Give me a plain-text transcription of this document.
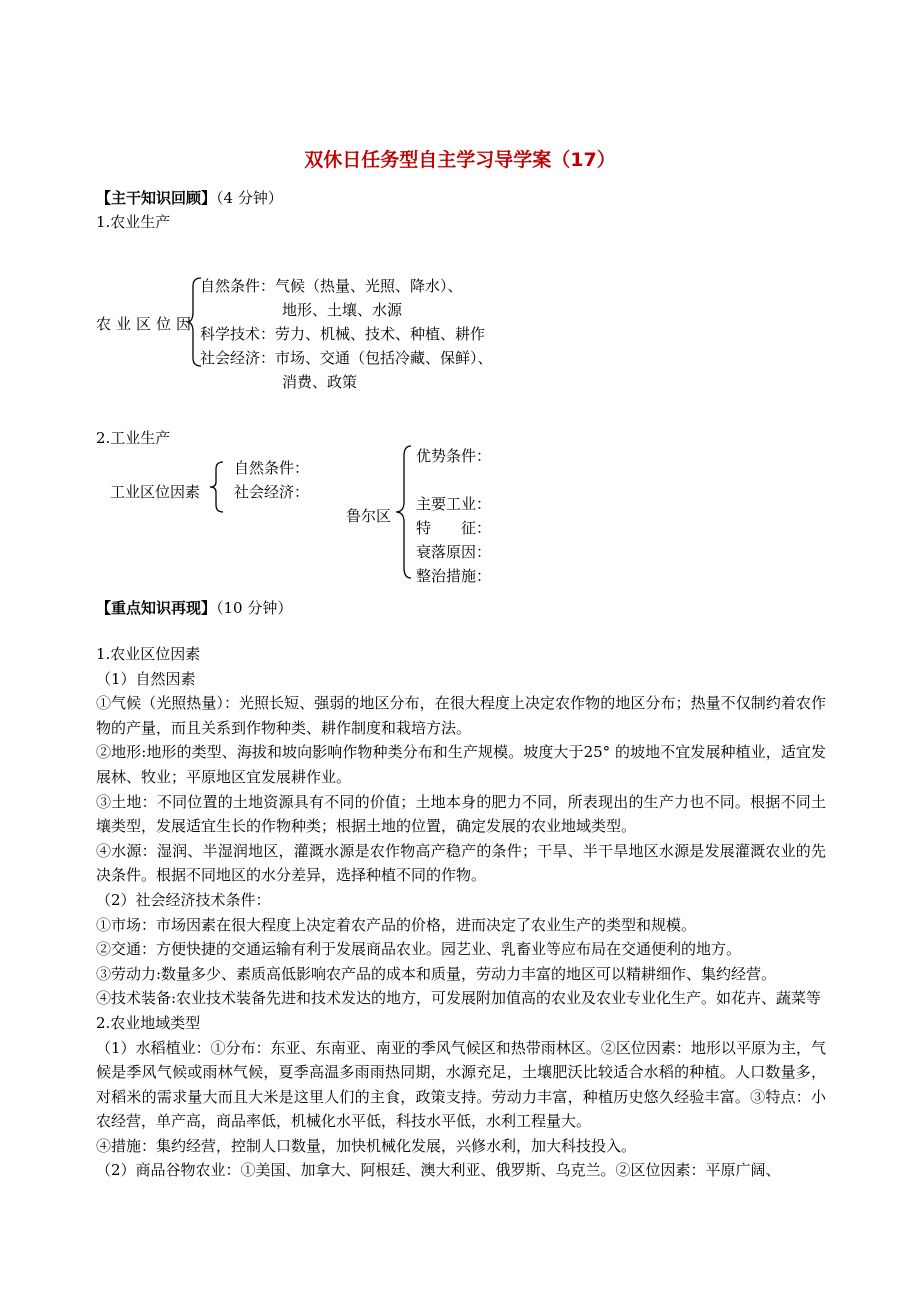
双休日任务型自主学习导学案（17）
【主干知识回顾】（4 分钟）
1.农业生产
农业区位因
自然条件：气候（热量、光照、降水）、
地形、土壤、水源
科学技术：劳力、机械、技术、种植、耕作
社会经济：市场、交通（包括冷藏、保鲜）、
消费、政策
2.工业生产
工业区位因素
自然条件：
社会经济：
鲁尔区
优势条件：
主要工业：
特　　征：
衰落原因：
整治措施：
【重点知识再现】（10 分钟）

1.农业区位因素

（1）自然因素

①气候（光照热量）：光照长短、强弱的地区分布，在很大程度上决定农作物的地区分布；热量不仅制约着农作物的产量，而且关系到作物种类、耕作制度和栽培方法。

②地形:地形的类型、海拔和坡向影响作物种类分布和生产规模。坡度大于25° 的坡地不宜发展种植业，适宜发展林、牧业；平原地区宜发展耕作业。

③土地：不同位置的土地资源具有不同的价值；土地本身的肥力不同，所表现出的生产力也不同。根据不同土壤类型，发展适宜生长的作物种类；根据土地的位置，确定发展的农业地域类型。

④水源：湿润、半湿润地区，灌溉水源是农作物高产稳产的条件；干旱、半干旱地区水源是发展灌溉农业的先决条件。根据不同地区的水分差异，选择种植不同的作物。

（2）社会经济技术条件：

①市场：市场因素在很大程度上决定着农产品的价格，进而决定了农业生产的类型和规模。

②交通：方便快捷的交通运输有利于发展商品农业。园艺业、乳畜业等应布局在交通便利的地方。

③劳动力:数量多少、素质高低影响农产品的成本和质量，劳动力丰富的地区可以精耕细作、集约经营。

④技术装备:农业技术装备先进和技术发达的地方，可发展附加值高的农业及农业专业化生产。如花卉、蔬菜等

2.农业地域类型

（1）水稻植业：①分布：东亚、东南亚、南亚的季风气候区和热带雨林区。②区位因素：地形以平原为主，气候是季风气候或雨林气候，夏季高温多雨雨热同期，水源充足，土壤肥沃比较适合水稻的种植。人口数量多，对稻米的需求量大而且大米是这里人们的主食，政策支持。劳动力丰富，种植历史悠久经验丰富。③特点：小农经营，单产高，商品率低，机械化水平低，科技水平低，水利工程量大。

④措施：集约经营，控制人口数量，加快机械化发展，兴修水利，加大科技投入。

（2）商品谷物农业：①美国、加拿大、阿根廷、澳大利亚、俄罗斯、乌克兰。②区位因素：平原广阔、
